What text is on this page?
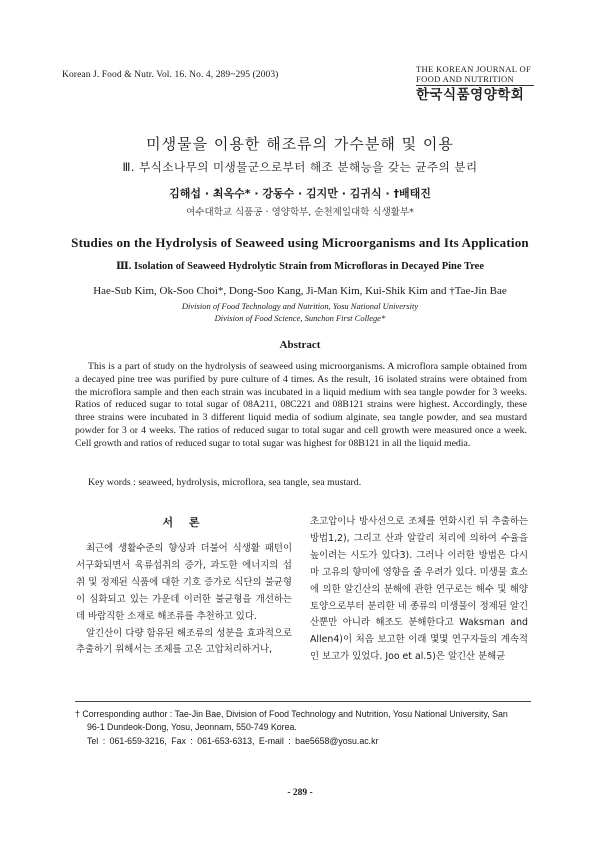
Korean J. Food & Nutr. Vol. 16. No. 4, 289~295 (2003)
THE KOREAN JOURNAL OF
FOOD AND NUTRITION
한국식품영양학회
미생물을 이용한 해조류의 가수분해 및 이용
Ⅲ. 부식소나무의 미생물군으로부터 해조 분해능을 갖는 균주의 분리
김해섭 · 최옥수* · 강동수 · 김지만 · 김귀식 · †배태진
여수대학교 식품공 · 영양학부, 순천제일대학 식생활부*
Studies on the Hydrolysis of Seaweed using Microorganisms and Its Application
Ⅲ. Isolation of Seaweed Hydrolytic Strain from Microfloras in Decayed Pine Tree
Hae-Sub Kim, Ok-Soo Choi*, Dong-Soo Kang, Ji-Man Kim, Kui-Shik Kim and †Tae-Jin Bae
Division of Food Technology and Nutrition, Yosu National University
Division of Food Science, Sunchon First College*
Abstract
This is a part of study on the hydrolysis of seaweed using microorganisms. A microflora sample obtained from a decayed pine tree was purified by pure culture of 4 times. As the result, 16 isolated strains were obtained from the microflora sample and then each strain was incubated in a liquid medium with sea tangle powder for 3 weeks. Ratios of reduced sugar to total sugar of 08A211, 08C221 and 08B121 strains were highest. Accordingly, these three strains were incubated in 3 different liquid media of sodium alginate, sea tangle powder, and sea mustard powder for 3 or 4 weeks. The ratios of reduced sugar to total sugar and cell growth were measured once a week. Cell growth and ratios of reduced sugar to total sugar was highest for 08B121 in all the liquid media.
Key words : seaweed, hydrolysis, microflora, sea tangle, sea mustard.
서 론

최근에 생활수준의 향상과 더불어 식생활 패턴이 서구화되면서 육류섭취의 증가, 과도한 에너지의 섭취 및 정제된 식품에 대한 기호 증가로 식단의 불균형이 심화되고 있는 가운데 이러한 불균형을 개선하는 데 바람직한 소재로 해조류를 추천하고 있다.

알긴산이 다량 함유된 해조류의 성분을 효과적으로 추출하기 위해서는 조체를 고온 고압처리하거나,

초고압이나 방사선으로 조체를 연화시킨 뒤 추출하는 방법1,2), 그리고 산과 알칼리 처리에 의하여 수율을 높이려는 시도가 있다3). 그러나 이러한 방법은 다시마 고유의 향미에 영향을 줄 우려가 있다. 미생물 효소에 의한 알긴산의 분해에 관한 연구로는 해수 및 해양토양으로부터 분리한 네 종류의 미생물이 정제된 알긴산뿐만 아니라 해조도 분해한다고 Waksman and Allen4)이 처음 보고한 이래 몇몇 연구자들의 계속적인 보고가 있었다. Joo et al.5)은 알긴산 분해균

† Corresponding author : Tae-Jin Bae, Division of Food Technology and Nutrition, Yosu National University, San
96-1 Dundeok-Dong, Yosu, Jeonnam, 550-749 Korea.
Tel : 061-659-3216, Fax : 061-653-6313, E-mail : bae5658@yosu.ac.kr
- 289 -
